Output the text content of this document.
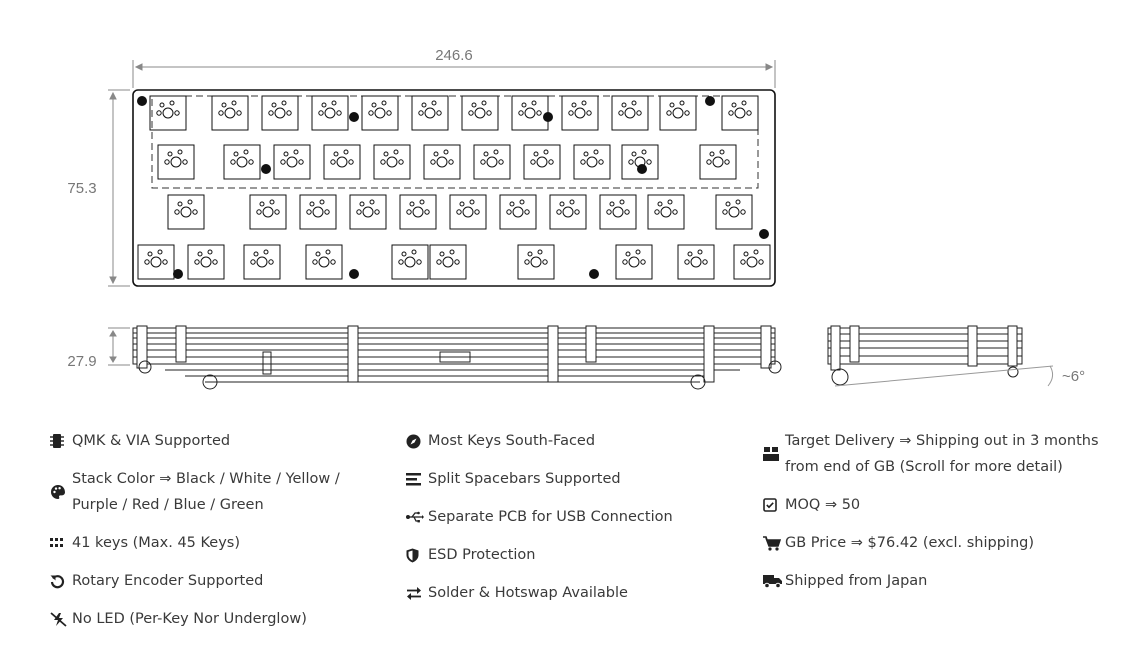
246.6
75.3
27.9
~6°
QMK & VIA Supported
Stack Color ⇒ Black / White / Yellow / Purple / Red / Blue / Green
41 keys (Max. 45 Keys)
Rotary Encoder Supported
No LED (Per-Key Nor Underglow)
Most Keys South-Faced
Split Spacebars Supported
Separate PCB for USB Connection
ESD Protection
Solder & Hotswap Available
Target Delivery ⇒ Shipping out in 3 months from end of GB (Scroll for more detail)
MOQ ⇒ 50
GB Price ⇒ $76.42 (excl. shipping)
Shipped from Japan
